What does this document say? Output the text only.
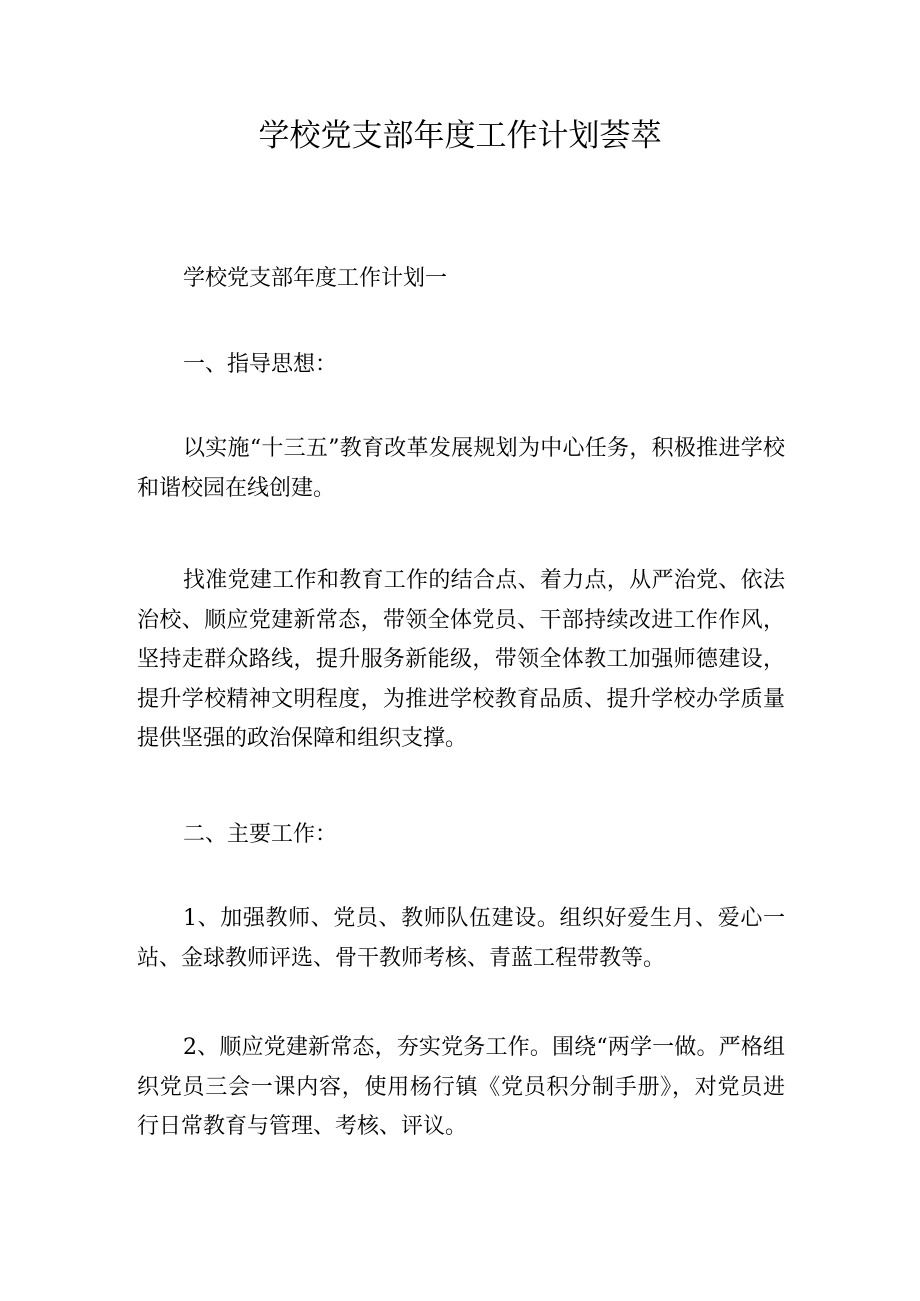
学校党支部年度工作计划荟萃

学校党支部年度工作计划一

一、指导思想：

以实施“十三五”教育改革发展规划为中心任务，积极推进学校和谐校园在线创建。

找准党建工作和教育工作的结合点、着力点，从严治党、依法治校、顺应党建新常态，带领全体党员、干部持续改进工作作风，坚持走群众路线，提升服务新能级，带领全体教工加强师德建设，提升学校精神文明程度，为推进学校教育品质、提升学校办学质量提供坚强的政治保障和组织支撑。

二、主要工作：

1、加强教师、党员、教师队伍建设。组织好爱生月、爱心一站、金球教师评选、骨干教师考核、青蓝工程带教等。

2、顺应党建新常态，夯实党务工作。围绕“两学一做。严格组织党员三会一课内容，使用杨行镇《党员积分制手册》，对党员进行日常教育与管理、考核、评议。
